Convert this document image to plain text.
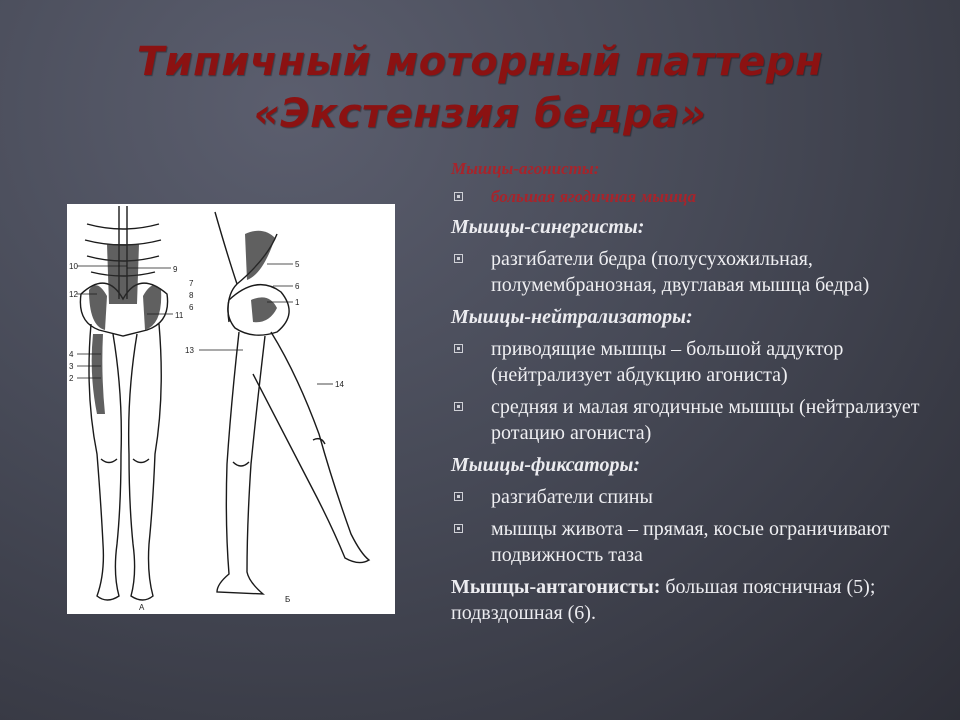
Типичный моторный паттерн
«Экстензия бедра»
10
12
4
3
2
9
7
8
6
11
5
6
1
13
14
А
Б
Мышцы-агонисты:
большая ягодичная мышца
Мышцы-синергисты:
разгибатели бедра (полусухожильная, полумембранозная, двуглавая мышца бедра)
Мышцы-нейтрализаторы:
приводящие мышцы – большой аддуктор (нейтрализует абдукцию агониста)
средняя и малая ягодичные мышцы (нейтрализует ротацию агониста)
Мышцы-фиксаторы:
разгибатели спины
мышцы живота – прямая, косые ограничивают подвижность таза
Мышцы-антагонисты: большая поясничная (5); подвздошная (6).
